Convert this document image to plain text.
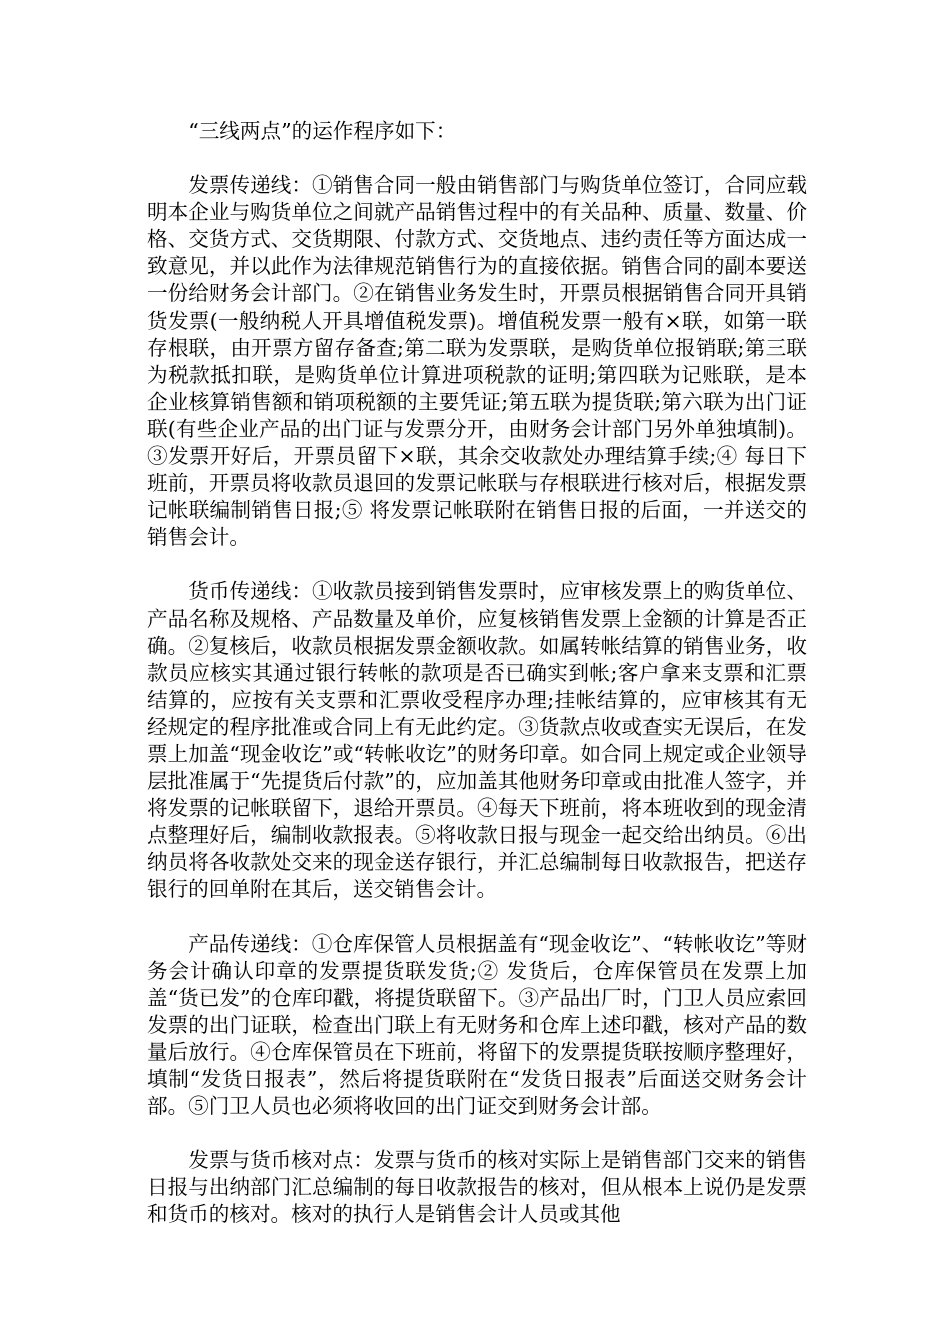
“三线两点”的运作程序如下：

发票传递线：①销售合同一般由销售部门与购货单位签订，合同应载明本企业与购货单位之间就产品销售过程中的有关品种、质量、数量、价格、交货方式、交货期限、付款方式、交货地点、违约责任等方面达成一致意见，并以此作为法律规范销售行为的直接依据。销售合同的副本要送一份给财务会计部门。②在销售业务发生时，开票员根据销售合同开具销货发票(一般纳税人开具增值税发票)。增值税发票一般有×联，如第一联存根联，由开票方留存备查;第二联为发票联，是购货单位报销联;第三联为税款抵扣联，是购货单位计算进项税款的证明;第四联为记账联，是本企业核算销售额和销项税额的主要凭证;第五联为提货联;第六联为出门证联(有些企业产品的出门证与发票分开，由财务会计部门另外单独填制)。③发票开好后，开票员留下×联，其余交收款处办理结算手续;④ 每日下班前，开票员将收款员退回的发票记帐联与存根联进行核对后，根据发票记帐联编制销售日报;⑤ 将发票记帐联附在销售日报的后面，一并送交的销售会计。

货币传递线：①收款员接到销售发票时，应审核发票上的购货单位、产品名称及规格、产品数量及单价，应复核销售发票上金额的计算是否正确。②复核后，收款员根据发票金额收款。如属转帐结算的销售业务，收款员应核实其通过银行转帐的款项是否已确实到帐;客户拿来支票和汇票结算的，应按有关支票和汇票收受程序办理;挂帐结算的，应审核其有无经规定的程序批准或合同上有无此约定。③货款点收或查实无误后，在发票上加盖“现金收讫”或“转帐收讫”的财务印章。如合同上规定或企业领导层批准属于“先提货后付款”的，应加盖其他财务印章或由批准人签字，并将发票的记帐联留下，退给开票员。④每天下班前，将本班收到的现金清点整理好后，编制收款报表。⑤将收款日报与现金一起交给出纳员。⑥出纳员将各收款处交来的现金送存银行，并汇总编制每日收款报告，把送存银行的回单附在其后，送交销售会计。

产品传递线：①仓库保管人员根据盖有“现金收讫”、“转帐收讫”等财务会计确认印章的发票提货联发货;② 发货后，仓库保管员在发票上加盖“货已发”的仓库印戳，将提货联留下。③产品出厂时，门卫人员应索回发票的出门证联，检查出门联上有无财务和仓库上述印戳，核对产品的数量后放行。④仓库保管员在下班前，将留下的发票提货联按顺序整理好，填制“发货日报表”，然后将提货联附在“发货日报表”后面送交财务会计部。⑤门卫人员也必须将收回的出门证交到财务会计部。

发票与货币核对点：发票与货币的核对实际上是销售部门交来的销售日报与出纳部门汇总编制的每日收款报告的核对，但从根本上说仍是发票和货币的核对。核对的执行人是销售会计人员或其他
